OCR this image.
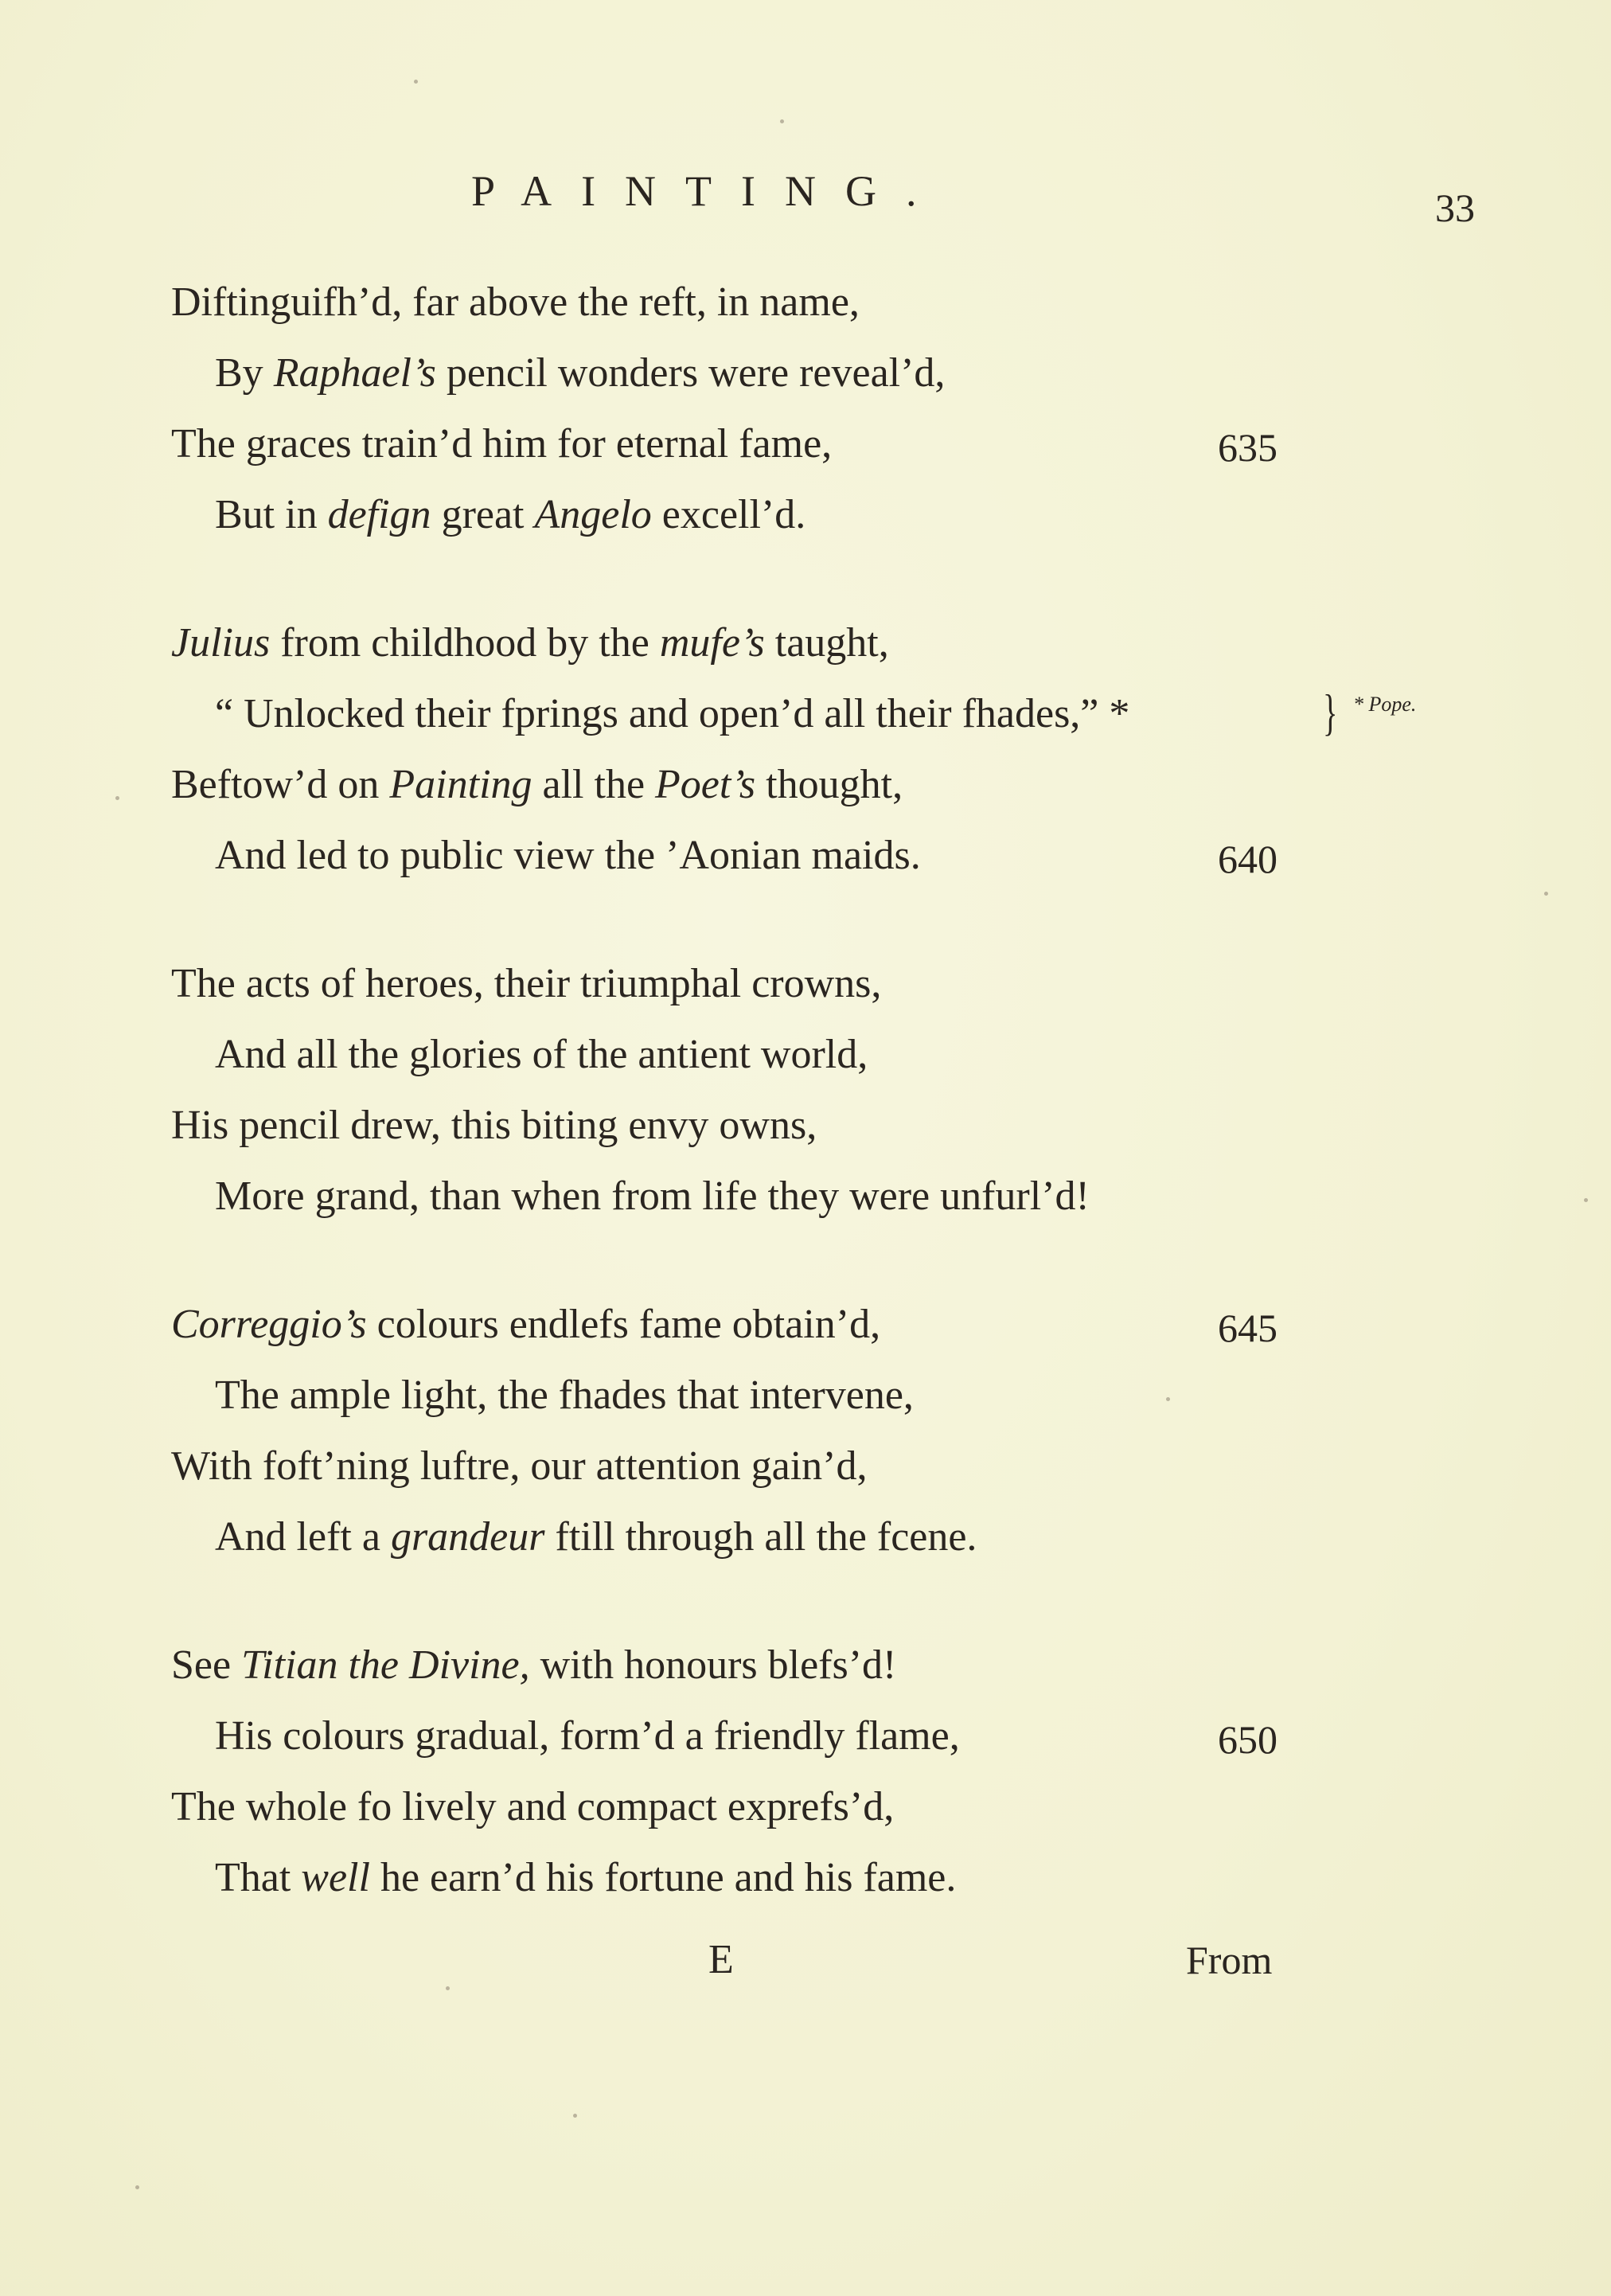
PAINTING.	33
Diftinguifh’d, far above the reft, in name,
By Raphael’s pencil wonders were reveal’d,
The graces train’d him for eternal fame,	635
But in defign great Angelo excell’d.
Julius from childhood by the mufe’s taught,
“ Unlocked their fprings and open’d all their fhades,” *
Beftow’d on Painting all the Poet’s thought,
And led to public view the ’Aonian maids.	640
The acts of heroes, their triumphal crowns,
And all the glories of the antient world,
His pencil drew, this biting envy owns,
More grand, than when from life they were unfurl’d!
Correggio’s colours endlefs fame obtain’d,	645
The ample light, the fhades that intervene,
With foft’ning luftre, our attention gain’d,
And left a grandeur ftill through all the fcene.
See Titian the Divine, with honours blefs’d!
His colours gradual, form’d a friendly flame,	650
The whole fo lively and compact exprefs’d,
That well he earn’d his fortune and his fame.
} * Pope.
E	From
